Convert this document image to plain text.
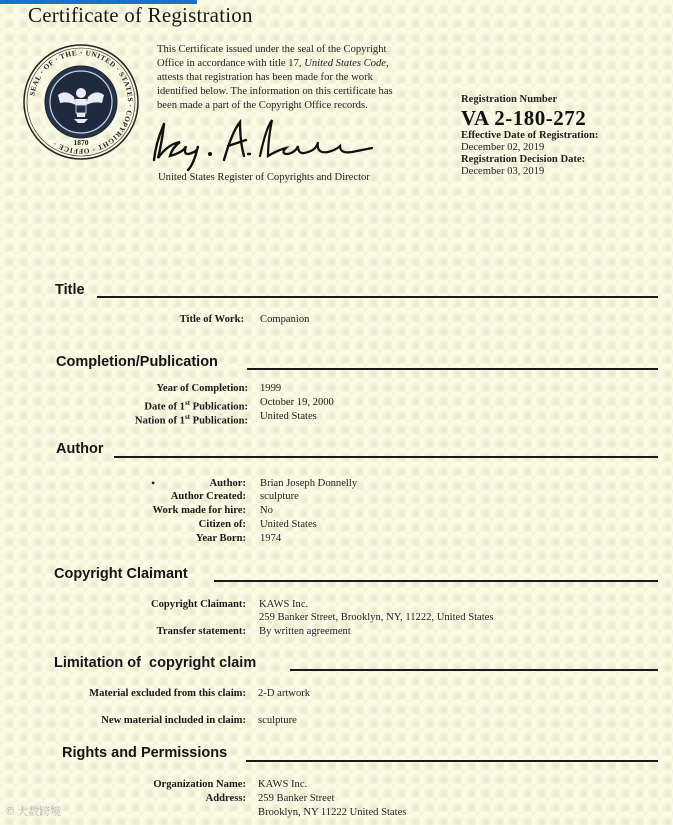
Certificate of Registration
SEAL · OF · THE · UNITED · STATES · COPYRIGHT · OFFICE ·	1870
This Certificate issued under the seal of the Copyright
Office in accordance with title 17, United States Code,
attests that registration has been made for the work
identified below. The information on this certificate has
been made a part of the Copyright Office records.
United States Register of Copyrights and Director
Registration Number
VA 2-180-272
Effective Date of Registration:
December 02, 2019
Registration Decision Date:
December 03, 2019
Title
Title of Work: Companion
Completion/Publication
Year of Completion: 1999
Date of 1st Publication: October 19, 2000
Nation of 1st Publication: United States
Author
•	Author: Brian Joseph Donnelly
Author Created: sculpture
Work made for hire: No
Citizen of: United States
Year Born: 1974
Copyright Claimant
Copyright Claimant: KAWS Inc.
259 Banker Street, Brooklyn, NY, 11222, United States
Transfer statement: By written agreement
Limitation of  copyright claim
Material excluded from this claim: 2-D artwork
New material included in claim: sculpture
Rights and Permissions
Organization Name: KAWS Inc.
Address: 259 Banker Street
Brooklyn, NY 11222 United States
© 大数跨境
